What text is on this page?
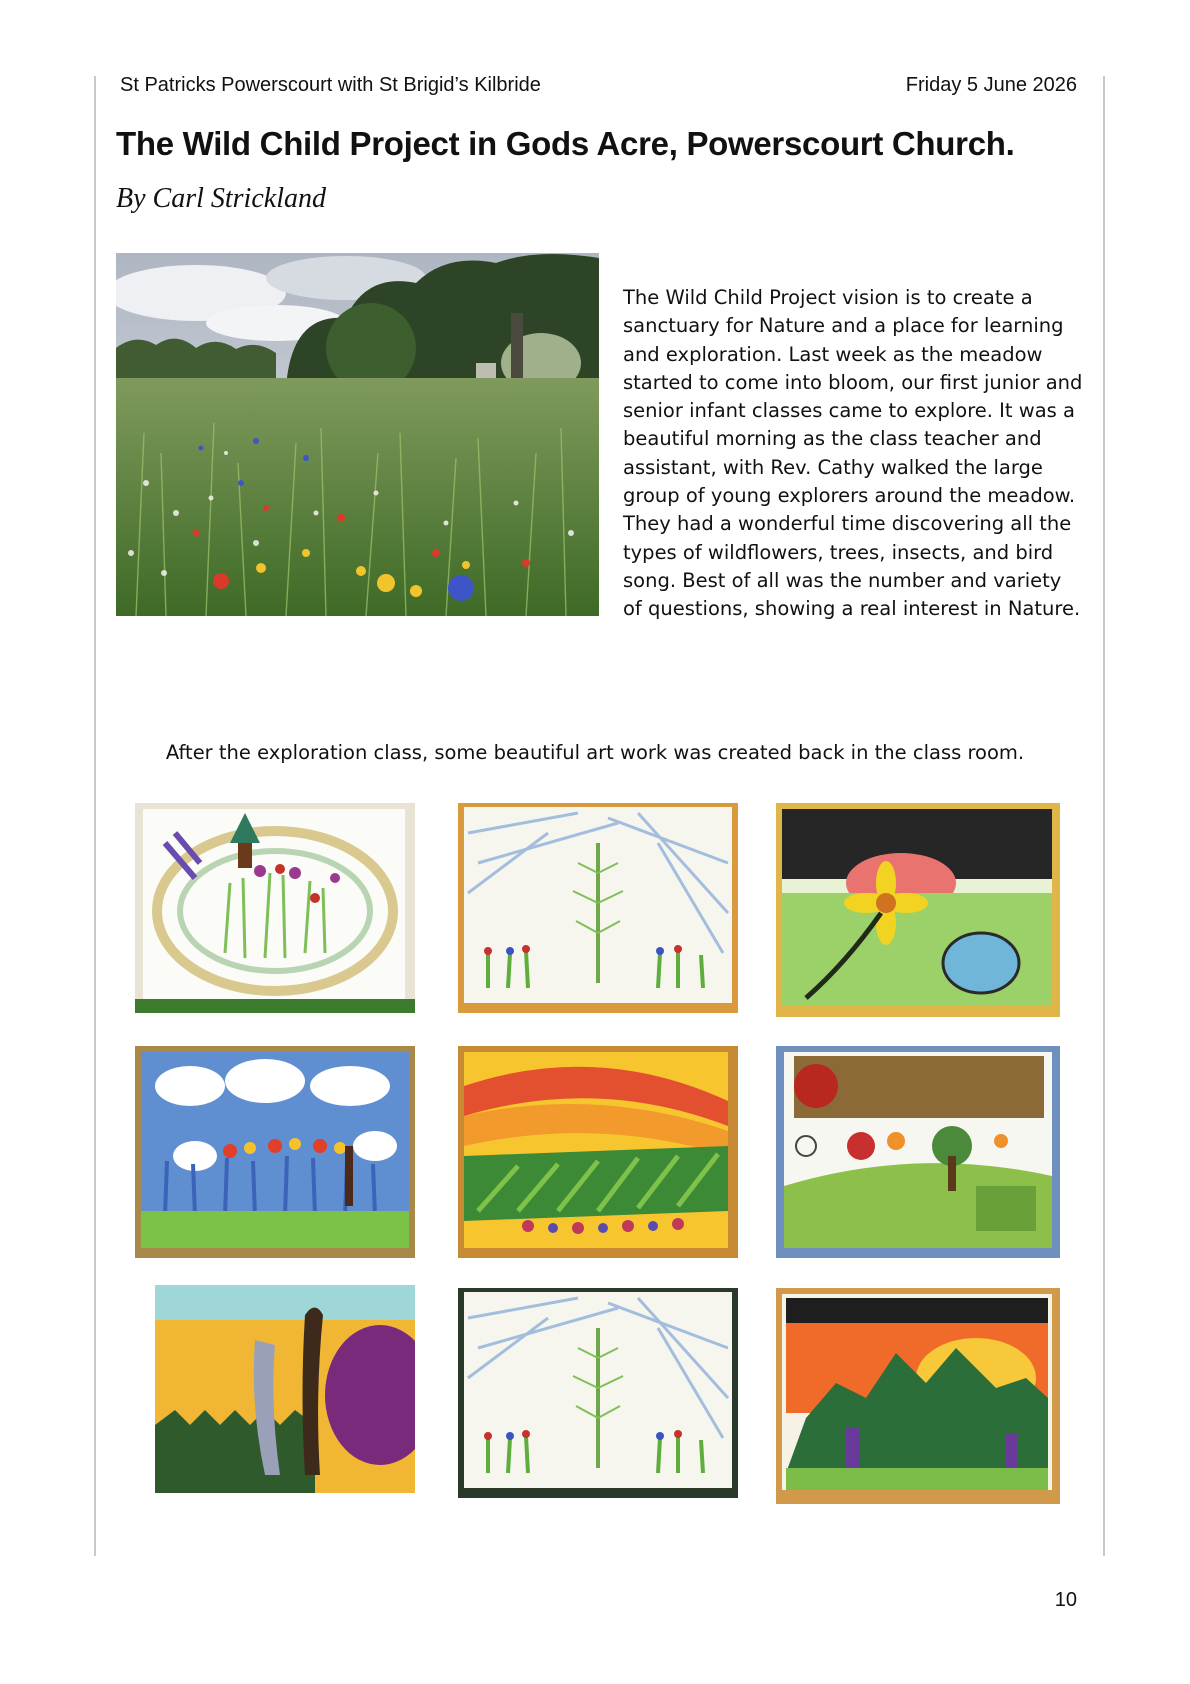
St Patricks Powerscourt with St Brigid’s Kilbride	Friday 5 June 2026
The Wild Child Project in Gods Acre, Powerscourt Church.

By Carl Strickland

The Wild Child Project vision is to create a sanctuary for Nature and a place for learning and exploration. Last week as the meadow started to come into bloom, our first junior and senior infant classes came to explore. It was a beautiful morning as the class teacher and assistant, with Rev. Cathy walked the large group of young explorers around the meadow. They had a wonderful time discovering all the types of wildflowers, trees, insects, and bird song. Best of all was the number and variety of questions, showing a real interest in Nature.

After the exploration class, some beautiful art work was created back in the class room.

10
